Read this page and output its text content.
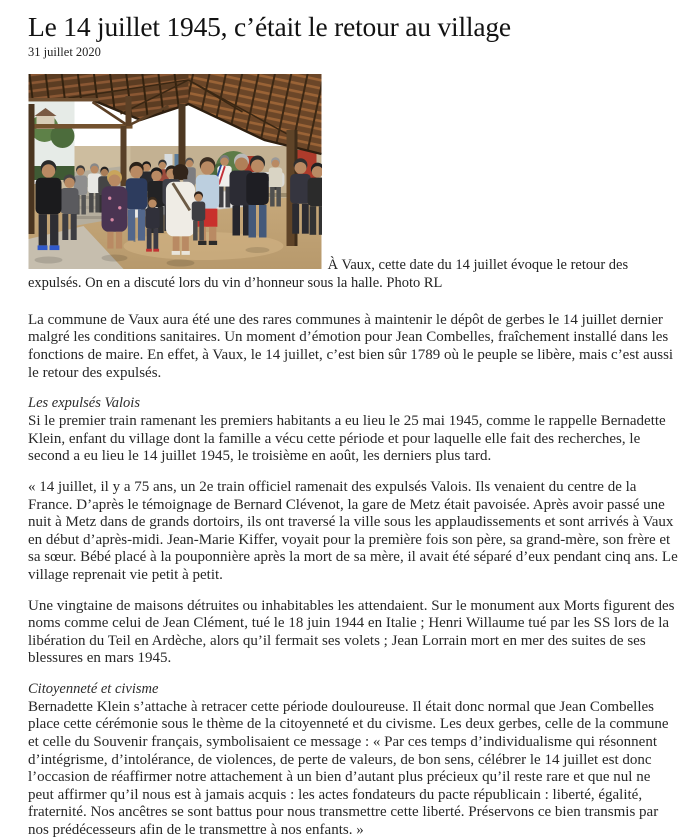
Le 14 juillet 1945, c’était le retour au village

31 juillet 2020

À Vaux, cette date du 14 juillet évoque le retour des expulsés. On en a discuté lors du vin d’honneur sous la halle. Photo RL

La commune de Vaux aura été une des rares communes à maintenir le dépôt de gerbes le 14 juillet dernier malgré les conditions sanitaires. Un moment d’émotion pour Jean Combelles, fraîchement installé dans les fonctions de maire. En effet, à Vaux, le 14 juillet, c’est bien sûr 1789 où le peuple se libère, mais c’est aussi le retour des expulsés.

Les expulsés Valois

Si le premier train ramenant les premiers habitants a eu lieu le 25 mai 1945, comme le rappelle Bernadette Klein, enfant du village dont la famille a vécu cette période et pour laquelle elle fait des recherches, le second a eu lieu le 14 juillet 1945, le troisième en août, les derniers plus tard.

« 14 juillet, il y a 75 ans, un 2e train officiel ramenait des expulsés Valois. Ils venaient du centre de la France. D’après le témoignage de Bernard Clévenot, la gare de Metz était pavoisée. Après avoir passé une nuit à Metz dans de grands dortoirs, ils ont traversé la ville sous les applaudissements et sont arrivés à Vaux en début d’après-midi. Jean-Marie Kiffer, voyait pour la première fois son père, sa grand-mère, son frère et sa sœur. Bébé placé à la pouponnière après la mort de sa mère, il avait été séparé d’eux pendant cinq ans. Le village reprenait vie petit à petit.

Une vingtaine de maisons détruites ou inhabitables les attendaient. Sur le monument aux Morts figurent des noms comme celui de Jean Clément, tué le 18 juin 1944 en Italie ; Henri Willaume tué par les SS lors de la libération du Teil en Ardèche, alors qu’il fermait ses volets ; Jean Lorrain mort en mer des suites de ses blessures en mars 1945.

Citoyenneté et civisme

Bernadette Klein s’attache à retracer cette période douloureuse. Il était donc normal que Jean Combelles place cette cérémonie sous le thème de la citoyenneté et du civisme. Les deux gerbes, celle de la commune et celle du Souvenir français, symbolisaient ce message : « Par ces temps d’individualisme qui résonnent d’intégrisme, d’intolérance, de violences, de perte de valeurs, de bon sens, célébrer le 14 juillet est donc l’occasion de réaffirmer notre attachement à un bien d’autant plus précieux qu’il reste rare et que nul ne peut affirmer qu’il nous est à jamais acquis : les actes fondateurs du pacte républicain : liberté, égalité, fraternité. Nos ancêtres se sont battus pour nous transmettre cette liberté. Préservons ce bien transmis par nos prédécesseurs afin de le transmettre à nos enfants. »
